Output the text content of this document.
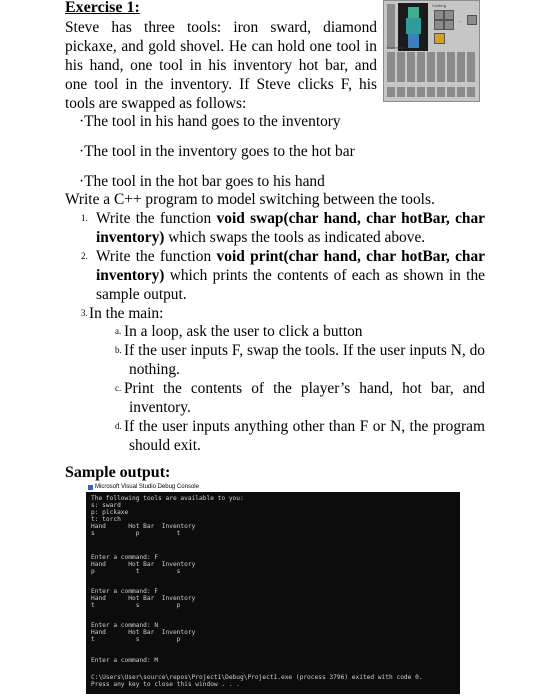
Exercise 1:
Steve has three tools: iron sward, diamond pickaxe, and gold shovel. He can hold one tool in his hand, one tool in his inventory hot bar, and one tool in the inventory. If Steve clicks F, his tools are swapped as follows:
Crafting
→
Inventory
·The tool in his hand goes to the inventory
·The tool in the inventory goes to the hot bar
·The tool in the hot bar goes to his hand
Write a C++ program to model switching between the tools.
1. Write the function void swap(char hand, char hotBar, char inventory) which swaps the tools as indicated above.
2. Write the function void print(char hand, char hotBar, char inventory) which prints the contents of each as shown in the sample output.
3. In the main:
a. In a loop, ask the user to click a button
b. If the user inputs F, swap the tools. If the user inputs N, do nothing.
c. Print the contents of the player’s hand, hot bar, and inventory.
d. If the user inputs anything other than F or N, the program should exit.
Sample output:
Microsoft Visual Studio Debug Console
The following tools are available to you:
s: sward
p: pickaxe
t: torch
Hand      Hot Bar  Inventory
s           p          t
Enter a command: F
Hand      Hot Bar  Inventory
p           t          s
Enter a command: F
Hand      Hot Bar  Inventory
t           s          p
Enter a command: N
Hand      Hot Bar  Inventory
t           s          p
Enter a command: M
C:\Users\User\source\repos\Project1\Debug\Project1.exe (process 3796) exited with code 0.
Press any key to close this window . . .
